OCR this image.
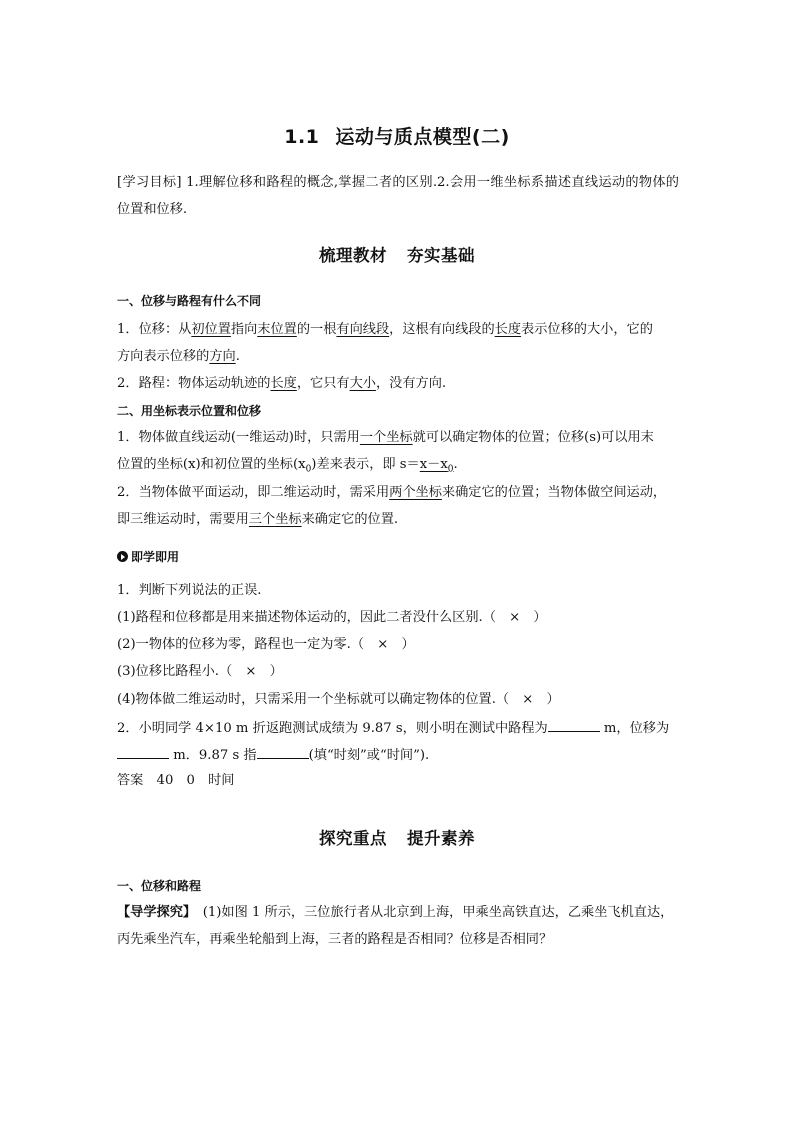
1.1 运动与质点模型(二)
[学习目标] 1.理解位移和路程的概念,掌握二者的区别.2.会用一维坐标系描述直线运动的物体的位置和位移.
梳理教材 夯实基础
一、位移与路程有什么不同
1．位移：从初位置指向末位置的一根有向线段，这根有向线段的长度表示位移的大小，它的
方向表示位移的方向.
2．路程：物体运动轨迹的长度，它只有大小，没有方向.
二、用坐标表示位置和位移
1．物体做直线运动(一维运动)时，只需用一个坐标就可以确定物体的位置；位移(s)可以用末
位置的坐标(x)和初位置的坐标$(x_0)$差来表示，即 $s=x-x_0$.
2．当物体做平面运动，即二维运动时，需采用两个坐标来确定它的位置；当物体做空间运动，
即三维运动时，需要用三个坐标来确定它的位置.
即学即用
1．判断下列说法的正误.
(1)路程和位移都是用来描述物体运动的，因此二者没什么区别.（　×　）
(2)一物体的位移为零，路程也一定为零.（　×　）
(3)位移比路程小.（　×　）
(4)物体做二维运动时，只需采用一个坐标就可以确定物体的位置.（　×　）
2．小明同学 4×10 m 折返跑测试成绩为 9.87 s，则小明在测试中路程为	m，位移为
m．9.87 s 指	(填“时刻”或“时间”).
答案　40　0　时间
探究重点 提升素养
一、位移和路程
【导学探究】　(1)如图 1 所示，三位旅行者从北京到上海，甲乘坐高铁直达，乙乘坐飞机直达，
丙先乘坐汽车，再乘坐轮船到上海，三者的路程是否相同？位移是否相同？
